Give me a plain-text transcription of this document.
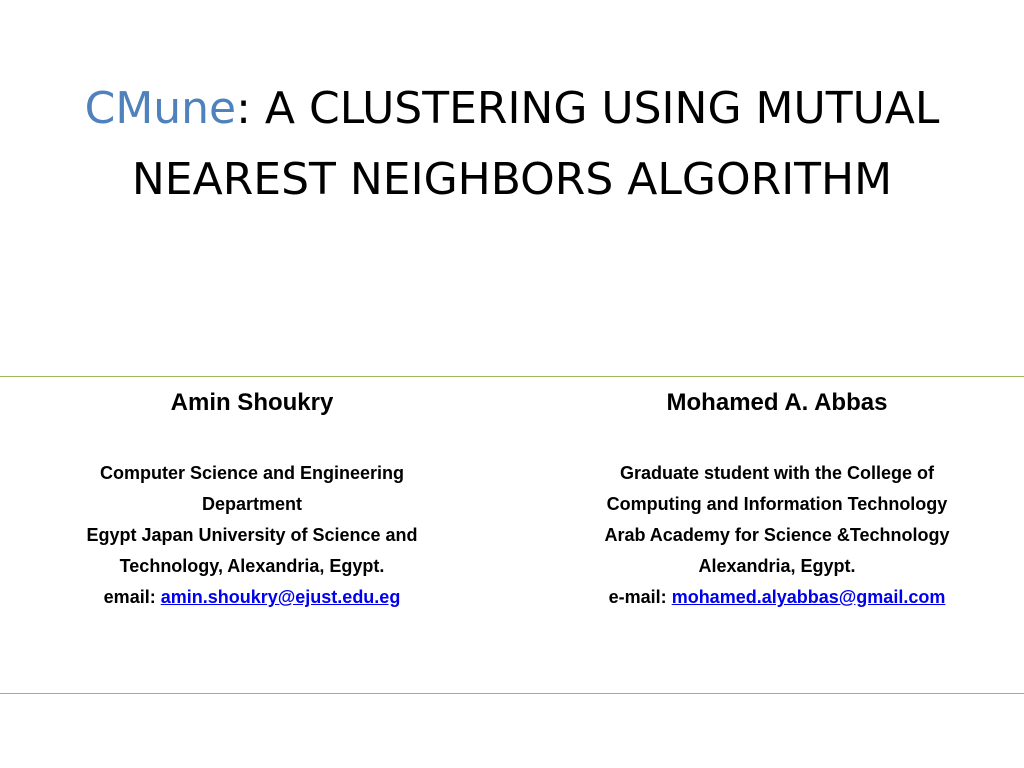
CMune: A CLUSTERING USING MUTUAL NEAREST NEIGHBORS ALGORITHM
Amin Shoukry
Computer Science and Engineering
Department
Egypt Japan University of Science and
Technology, Alexandria, Egypt.
email: amin.shoukry@ejust.edu.eg
Mohamed A. Abbas
Graduate student with the College of
Computing and Information Technology
Arab Academy for Science &Technology
Alexandria, Egypt.
e-mail: mohamed.alyabbas@gmail.com
